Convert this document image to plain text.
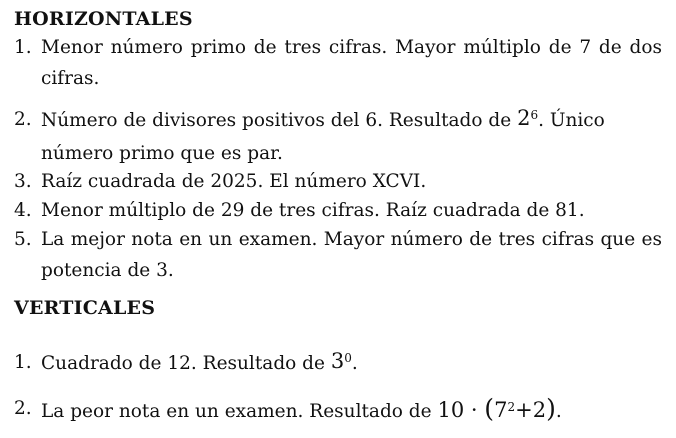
HORIZONTALES
1. Menor número primo de tres cifras. Mayor múltiplo de 7 de dos cifras.
2. Número de divisores positivos del 6. Resultado de $2^6$. Único número primo que es par.
3. Raíz cuadrada de 2025. El número XCVI.
4. Menor múltiplo de 29 de tres cifras. Raíz cuadrada de 81.
5. La mejor nota en un examen. Mayor número de tres cifras que es potencia de 3.
VERTICALES
1. Cuadrado de 12. Resultado de $3^0$.
2. La peor nota en un examen. Resultado de $10 \cdot (7^2+2)$.
